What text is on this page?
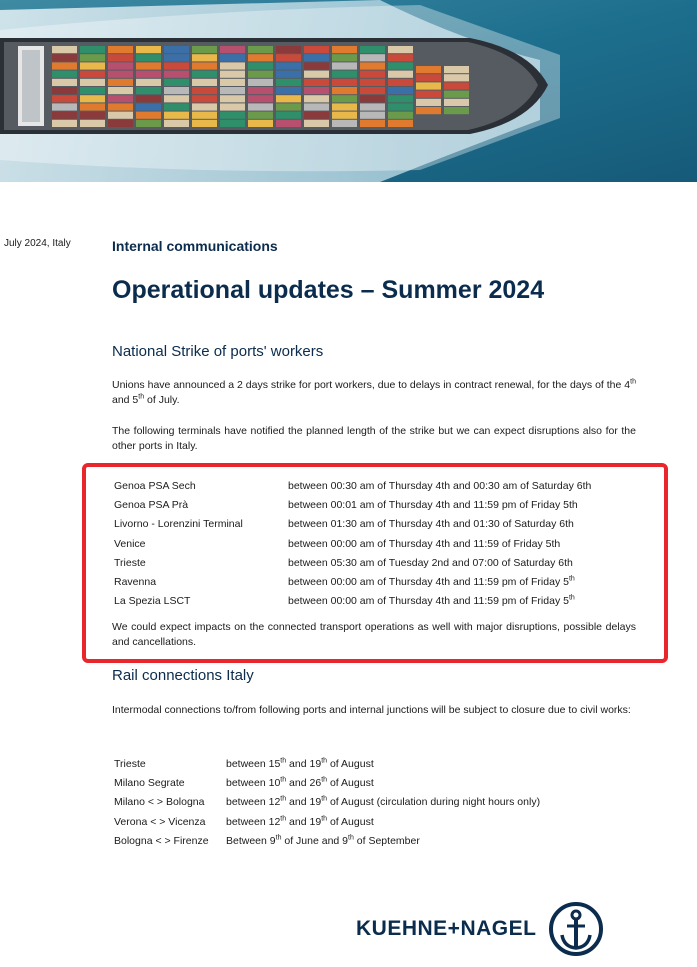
July 2024, Italy	Internal communications
Operational updates – Summer 2024
National Strike of ports' workers
Unions have announced a 2 days strike for port workers, due to delays in contract renewal, for the days of the 4th and 5th of July.
The following terminals have notified the planned length of the strike but we can expect disruptions also for the other ports in Italy.
Genoa PSA Sech	between 00:30 am of Thursday 4th and 00:30 am of Saturday 6th
Genoa PSA Prà	between 00:01 am of Thursday 4th and 11:59 pm of Friday 5th
Livorno - Lorenzini Terminal	between 01:30 am of Thursday 4th and 01:30 of Saturday 6th
Venice	between 00:00 am of Thursday 4th and 11:59 of Friday 5th
Trieste	between 05:30 am of Tuesday 2nd and 07:00 of Saturday 6th
Ravenna	between 00:00 am of Thursday 4th and 11:59 pm of Friday 5th
La Spezia LSCT	between 00:00 am of Thursday 4th and 11:59 pm of Friday 5th
We could expect impacts on the connected transport operations as well with major disruptions, possible delays and cancellations.
Rail connections Italy
Intermodal connections to/from following ports and internal junctions will be subject to closure due to civil works:
Trieste	between 15th and 19th of August
Milano Segrate	between 10th and 26th of August
Milano < > Bologna	between 12th and 19th of August (circulation during night hours only)
Verona < > Vicenza	between 12th and 19th of August
Bologna < > Firenze	Between 9th of June and 9th of September
KUEHNE+NAGEL
